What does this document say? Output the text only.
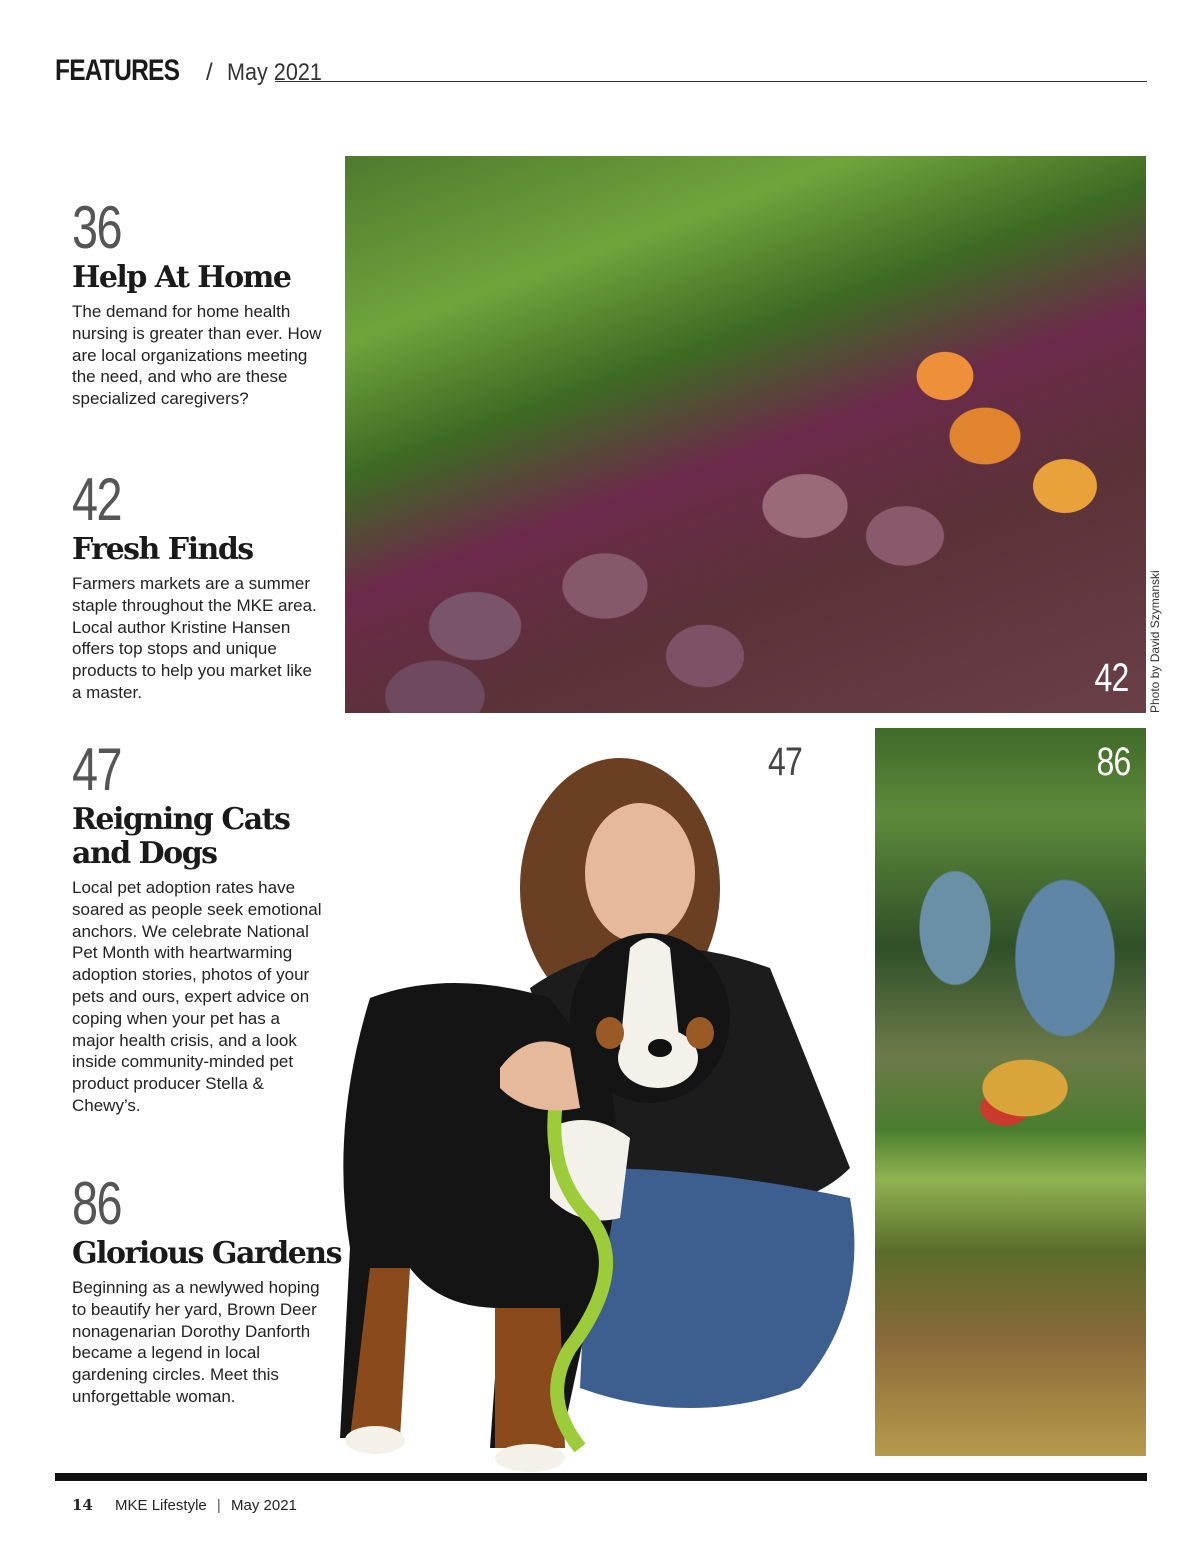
FEATURES / May 2021
36
Help At Home
The demand for home health nursing is greater than ever. How are local organizations meeting the need, and who are these specialized caregivers?
42
Fresh Finds
Farmers markets are a summer staple throughout the MKE area. Local author Kristine Hansen offers top stops and unique products to help you market like a master.
47
Reigning Cats and Dogs
Local pet adoption rates have soared as people seek emotional anchors. We celebrate National Pet Month with heartwarming adoption stories, photos of your pets and ours, expert advice on coping when your pet has a major health crisis, and a look inside community-minded pet product producer Stella & Chewy’s.
86
Glorious Gardens
Beginning as a newlywed hoping to beautify her yard, Brown Deer nonagenarian Dorothy Danforth became a legend in local gardening circles. Meet this unforgettable woman.
42 Photo by David Szymanski
47	86
14 MKE Lifestyle | May 2021
